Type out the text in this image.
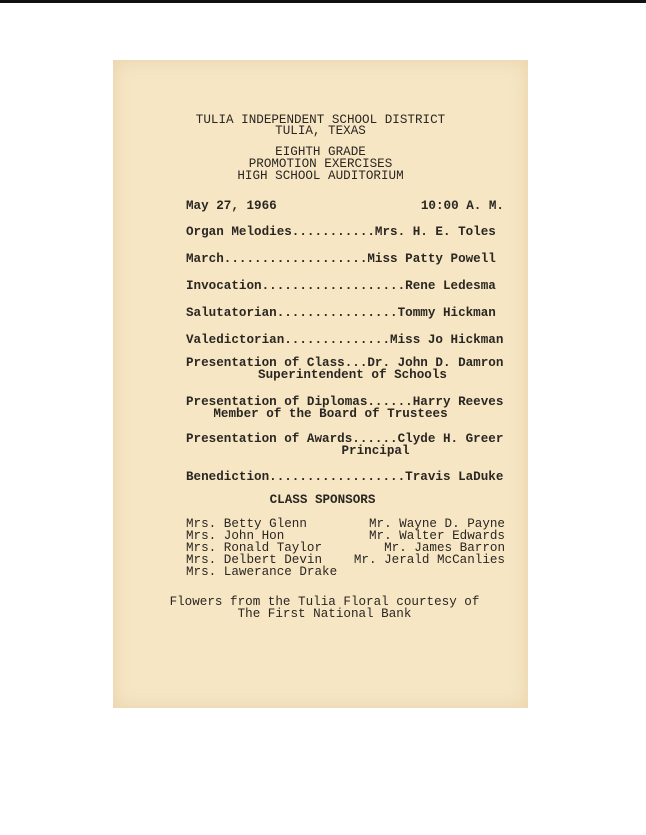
TULIA INDEPENDENT SCHOOL DISTRICT
TULIA, TEXAS
EIGHTH GRADE
PROMOTION EXERCISES
HIGH SCHOOL AUDITORIUM
May 27, 1966	10:00 A. M.
Organ Melodies...........Mrs. H. E. Toles
March...................Miss Patty Powell
Invocation...................Rene Ledesma
Salutatorian................Tommy Hickman
Valedictorian..............Miss Jo Hickman
Presentation of Class...Dr. John D. Damron
Superintendent of Schools
Presentation of Diplomas......Harry Reeves
Member of the Board of Trustees
Presentation of Awards......Clyde H. Greer
Principal
Benediction..................Travis LaDuke
CLASS SPONSORS
Mrs. Betty Glenn
Mrs. John Hon
Mrs. Ronald Taylor
Mrs. Delbert Devin
Mrs. Lawerance Drake
Mr. Wayne D. Payne
Mr. Walter Edwards
Mr. James Barron
Mr. Jerald McCanlies
Flowers from the Tulia Floral courtesy of
The First National Bank
